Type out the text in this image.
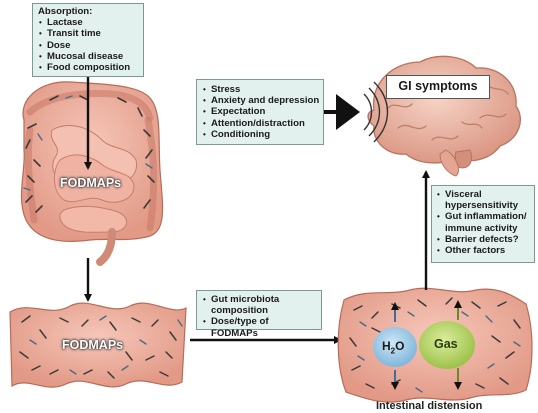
Absorption:
• Lactase
• Transit time
• Dose
• Mucosal disease
• Food composition
• Stress
• Anxiety and depression
• Expectation
• Attention/distraction
• Conditioning
GI symptoms
• Visceral hypersensitivity
• Gut inflammation/ immune activity
• Barrier defects?
• Other factors
• Gut microbiota composition
• Dose/type of FODMAPs
FODMAPs
FODMAPs	$H_2O$ Gas
Intestinal distension
